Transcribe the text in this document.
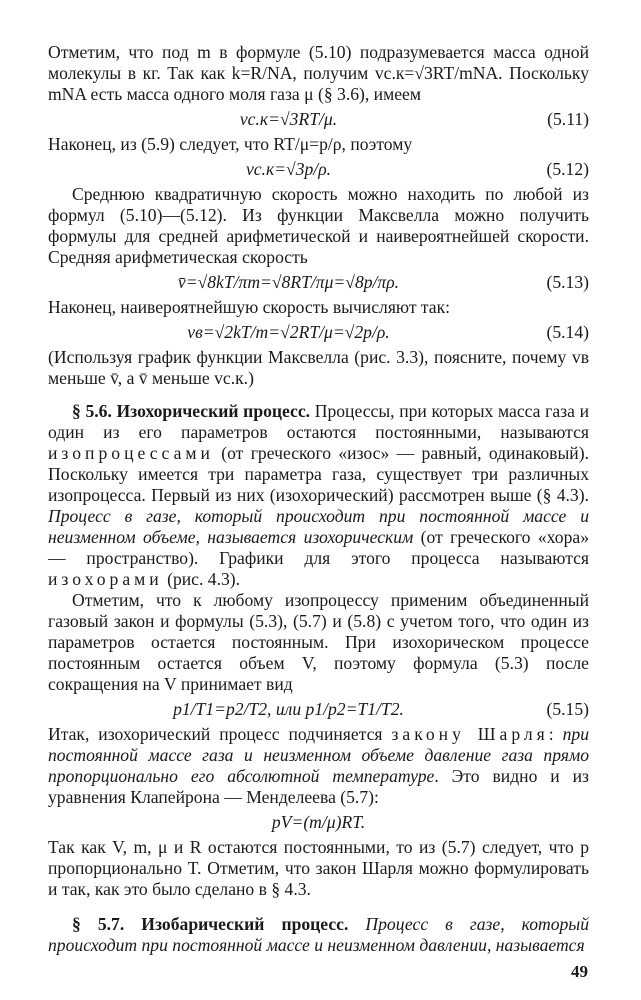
Отметим, что под m в формуле (5.10) подразумевается масса одной молекулы в кг. Так как k=R/NA, получим vс.к=√3RT/mNA. Поскольку mNA есть масса одного моля газа μ (§ 3.6), имеем

vс.к=√3RT/μ.	(5.11)

Наконец, из (5.9) следует, что RT/μ=p/ρ, поэтому

vс.к=√3p/ρ.	(5.12)

Среднюю квадратичную скорость можно находить по любой из формул (5.10)—(5.12). Из функции Максвелла можно получить формулы для средней арифметической и наивероятнейшей скорости. Средняя арифметическая скорость

v̄=√8kT/πm=√8RT/πμ=√8p/πρ.	(5.13)

Наконец, наивероятнейшую скорость вычисляют так:

vв=√2kT/m=√2RT/μ=√2p/ρ.	(5.14)

(Используя график функции Максвелла (рис. 3.3), поясните, почему vв меньше v̄, а v̄ меньше vс.к.)

§ 5.6. Изохорический процесс. Процессы, при которых масса газа и один из его параметров остаются постоянными, называются изопроцессами (от греческого «изос» — равный, одинаковый). Поскольку имеется три параметра газа, существует три различных изопроцесса. Первый из них (изохорический) рассмотрен выше (§ 4.3). Процесс в газе, который происходит при постоянной массе и неизменном объеме, называется изохорическим (от греческого «хора» — пространство). Графики для этого процесса называются изохорами (рис. 4.3).

Отметим, что к любому изопроцессу применим объединенный газовый закон и формулы (5.3), (5.7) и (5.8) с учетом того, что один из параметров остается постоянным. При изохорическом процессе постоянным остается объем V, поэтому формула (5.3) после сокращения на V принимает вид

p1/T1=p2/T2, или p1/p2=T1/T2.	(5.15)

Итак, изохорический процесс подчиняется закону Шарля: при постоянной массе газа и неизменном объеме давление газа прямо пропорционально его абсолютной температуре. Это видно и из уравнения Клапейрона — Менделеева (5.7):

pV=(m/μ)RT.

Так как V, m, μ и R остаются постоянными, то из (5.7) следует, что p пропорционально T. Отметим, что закон Шарля можно формулировать и так, как это было сделано в § 4.3.

§ 5.7. Изобарический процесс. Процесс в газе, который происходит при постоянной массе и неизменном давлении, называется

49
